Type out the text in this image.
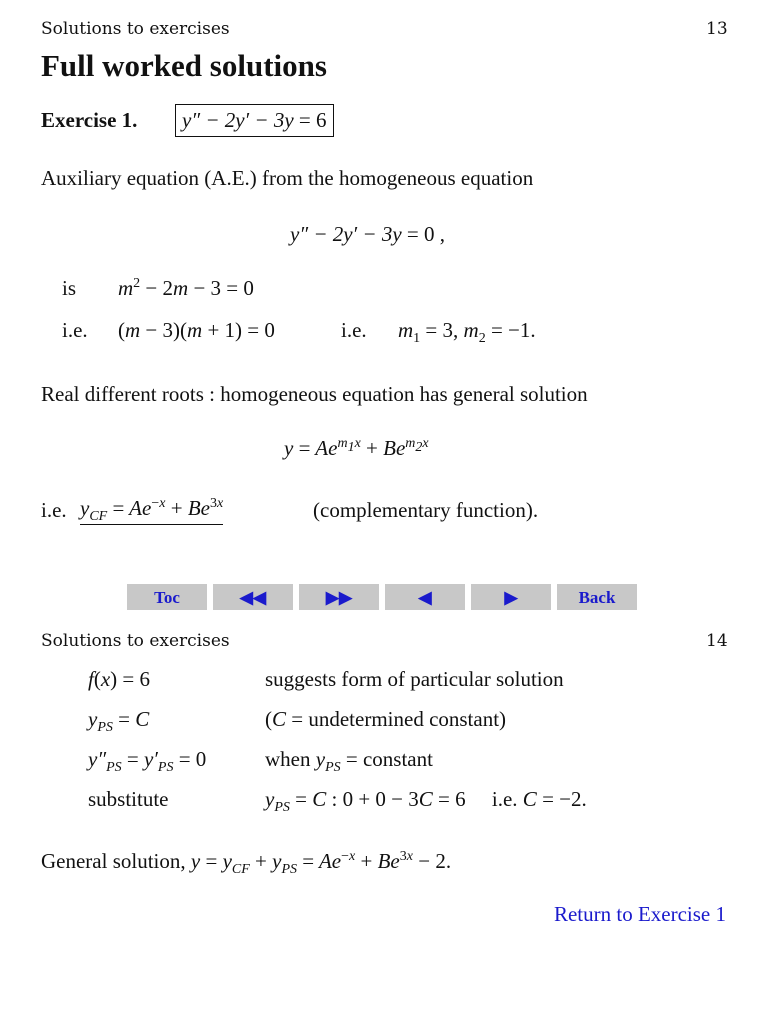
Solutions to exercises	13
Full worked solutions
Exercise 1.	y″ − 2y′ − 3y = 6
Auxiliary equation (A.E.) from the homogeneous equation
y″ − 2y′ − 3y = 0 ,
is $m^2 - 2m - 3 = 0$
i.e. (m − 3)(m + 1) = 0	i.e. $m_1 = 3$, $m_2 = -1$.
Real different roots : homogeneous equation has general solution
$y = Ae^{m_1x} + Be^{m_2x}$
i.e. $y_{CF} = Ae^{-x} + Be^{3x}$	(complementary function).
Toc	◀◀	▶▶	◀	▶	Back
Solutions to exercises	14
f(x) = 6	suggests form of particular solution
$y_{PS} = C$	(C = undetermined constant)
$y''_{PS} = y'_{PS} = 0$	when $y_{PS}$ = constant
substitute	$y_{PS} = C$ : 0 + 0 − 3C = 6     i.e. C = −2.
General solution, $y = y_{CF} + y_{PS} = Ae^{-x} + Be^{3x} - 2$.
Return to Exercise 1
